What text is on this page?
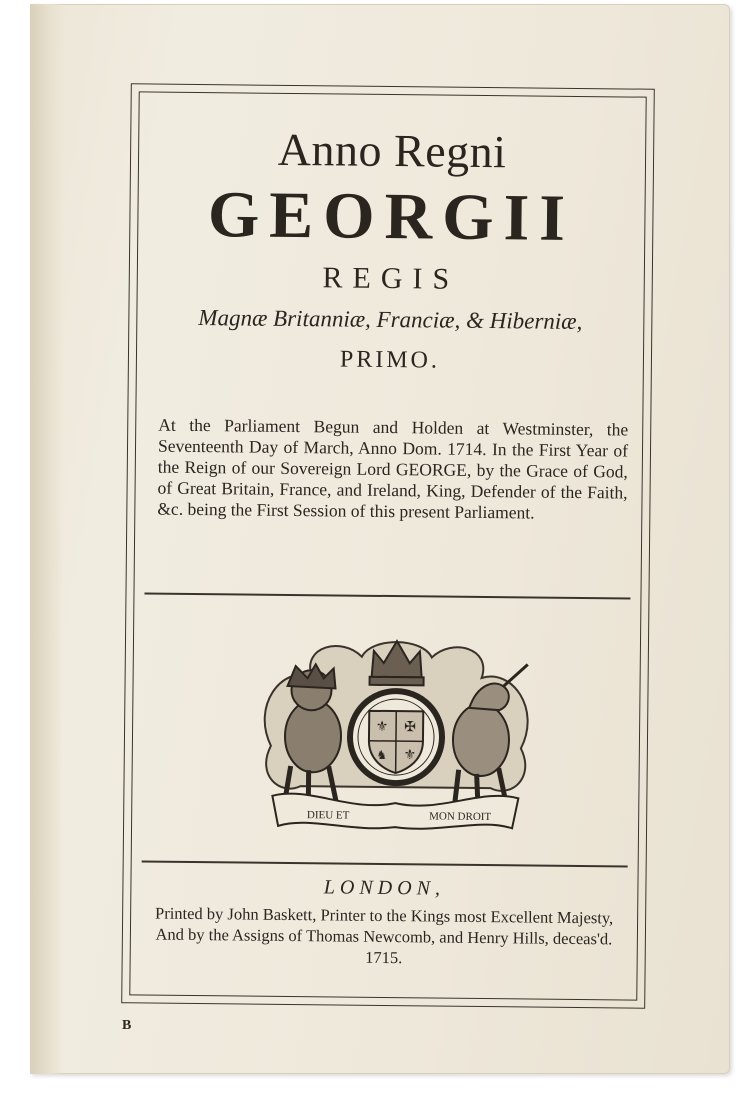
Anno Regni
GEORGII
REGIS
Magnæ Britanniæ, Franciæ, & Hiberniæ,
PRIMO.
At the Parliament Begun and Holden at Westminster, the Seventeenth Day of March, Anno Dom. 1714. In the First Year of the Reign of our Sovereign Lord GEORGE, by the Grace of God, of Great Britain, France, and Ireland, King, Defender of the Faith, &c. being the First Session of this present Parliament.
⚜ ✠
♞ ⚜
DIEU ET	MON DROIT
LONDON,
Printed by John Baskett, Printer to the Kings most Excellent Majesty, And by the Assigns of Thomas Newcomb, and Henry Hills, deceas'd. 1715.
B
